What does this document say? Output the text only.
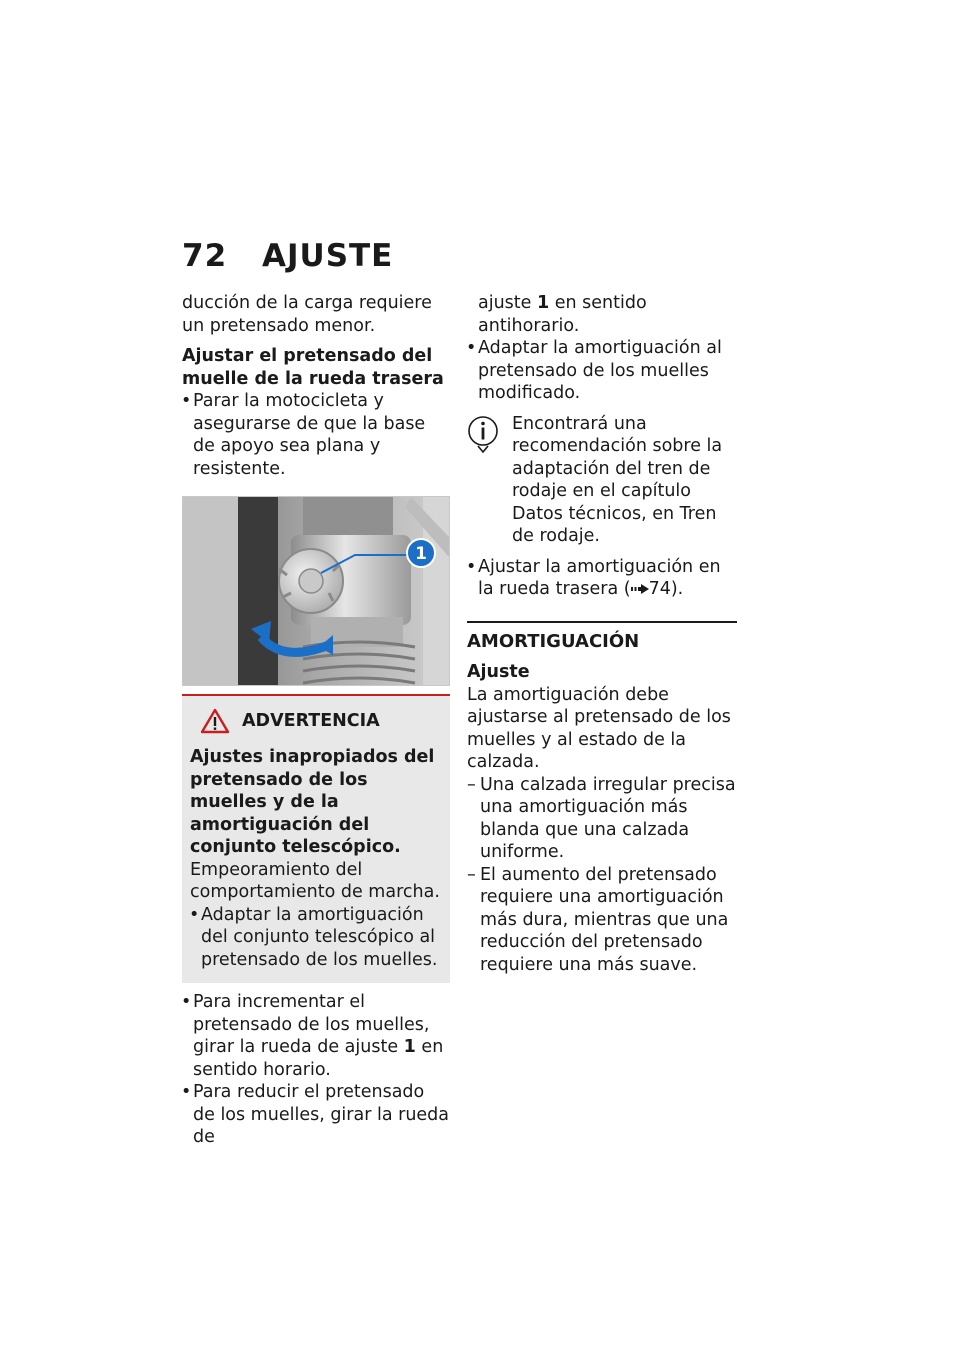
72 AJUSTE

ducción de la carga requiere un pretensado menor.

Ajustar el pretensado del muelle de la rueda trasera

• Parar la motocicleta y asegurarse de que la base de apoyo sea plana y resistente.

1
ADVERTENCIA

Ajustes inapropiados del pretensado de los muelles y de la amortiguación del conjunto telescópico.

Empeoramiento del comportamiento de marcha.

• Adaptar la amortiguación del conjunto telescópico al pretensado de los muelles.

• Para incrementar el pretensado de los muelles, girar la rueda de ajuste 1 en sentido horario.

• Para reducir el pretensado de los muelles, girar la rueda de

ajuste 1 en sentido antihorario.

• Adaptar la amortiguación al pretensado de los muelles modificado.

Encontrará una recomendación sobre la adaptación del tren de rodaje en el capítulo Datos técnicos, en Tren de rodaje.

• Ajustar la amortiguación en la rueda trasera ( 74).

AMORTIGUACIÓN

Ajuste

La amortiguación debe ajustarse al pretensado de los muelles y al estado de la calzada.

– Una calzada irregular precisa una amortiguación más blanda que una calzada uniforme.

– El aumento del pretensado requiere una amortiguación más dura, mientras que una reducción del pretensado requiere una más suave.
